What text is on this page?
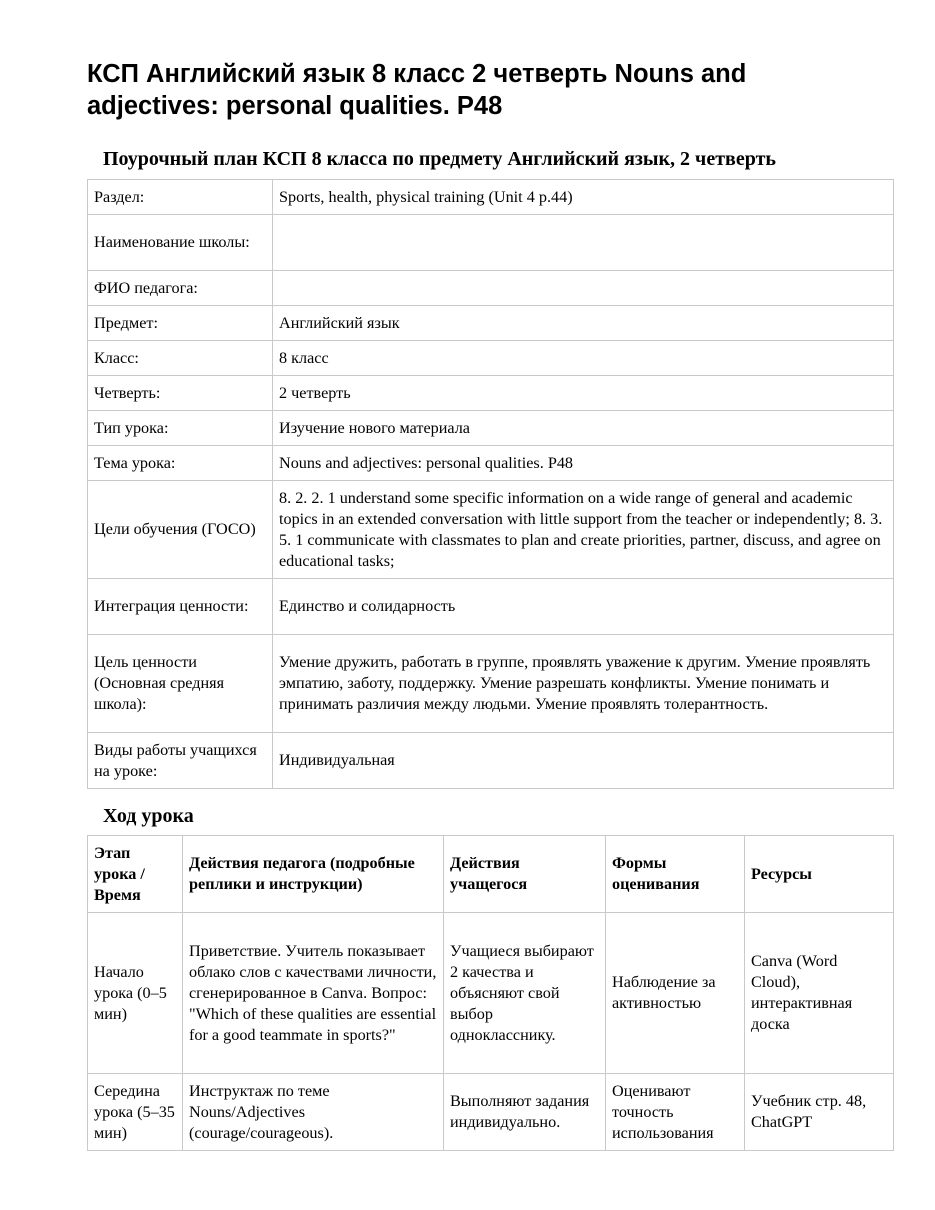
КСП Английский язык 8 класс 2 четверть Nouns and adjectives: personal qualities. P48
Поурочный план КСП 8 класса по предмету Английский язык, 2 четверть
Раздел:	Sports, health, physical training (Unit 4 p.44)
Наименование школы:	
ФИО педагога:	
Предмет:	Английский язык
Класс:	8 класс
Четверть:	2 четверть
Тип урока:	Изучение нового материала
Тема урока:	Nouns and adjectives: personal qualities. P48
Цели обучения (ГОСО)	8. 2. 2. 1 understand some specific information on a wide range of general and academic topics in an extended conversation with little support from the teacher or independently; 8. 3. 5. 1 communicate with classmates to plan and create priorities, partner, discuss, and agree on educational tasks;
Интеграция ценности:	Единство и солидарность
Цель ценности (Основная средняя школа):	Умение дружить, работать в группе, проявлять уважение к другим. Умение проявлять эмпатию, заботу, поддержку. Умение разрешать конфликты. Умение понимать и принимать различия между людьми. Умение проявлять толерантность.
Виды работы учащихся на уроке:	Индивидуальная
Ход урока
Этап урока / Время	Действия педагога (подробные реплики и инструкции)	Действия учащегося	Формы оценивания	Ресурсы
Начало урока (0–5 мин)	Приветствие. Учитель показывает облако слов с качествами личности, сгенерированное в Canva. Вопрос: "Which of these qualities are essential for a good teammate in sports?"	Учащиеся выбирают 2 качества и объясняют свой выбор однокласснику.	Наблюдение за активностью	Canva (Word Cloud), интерактивная доска
Середина урока (5–35 мин)	Инструктаж по теме Nouns/Adjectives (courage/courageous).	Выполняют задания индивидуально.	Оценивают точность использования	Учебник стр. 48, ChatGPT
